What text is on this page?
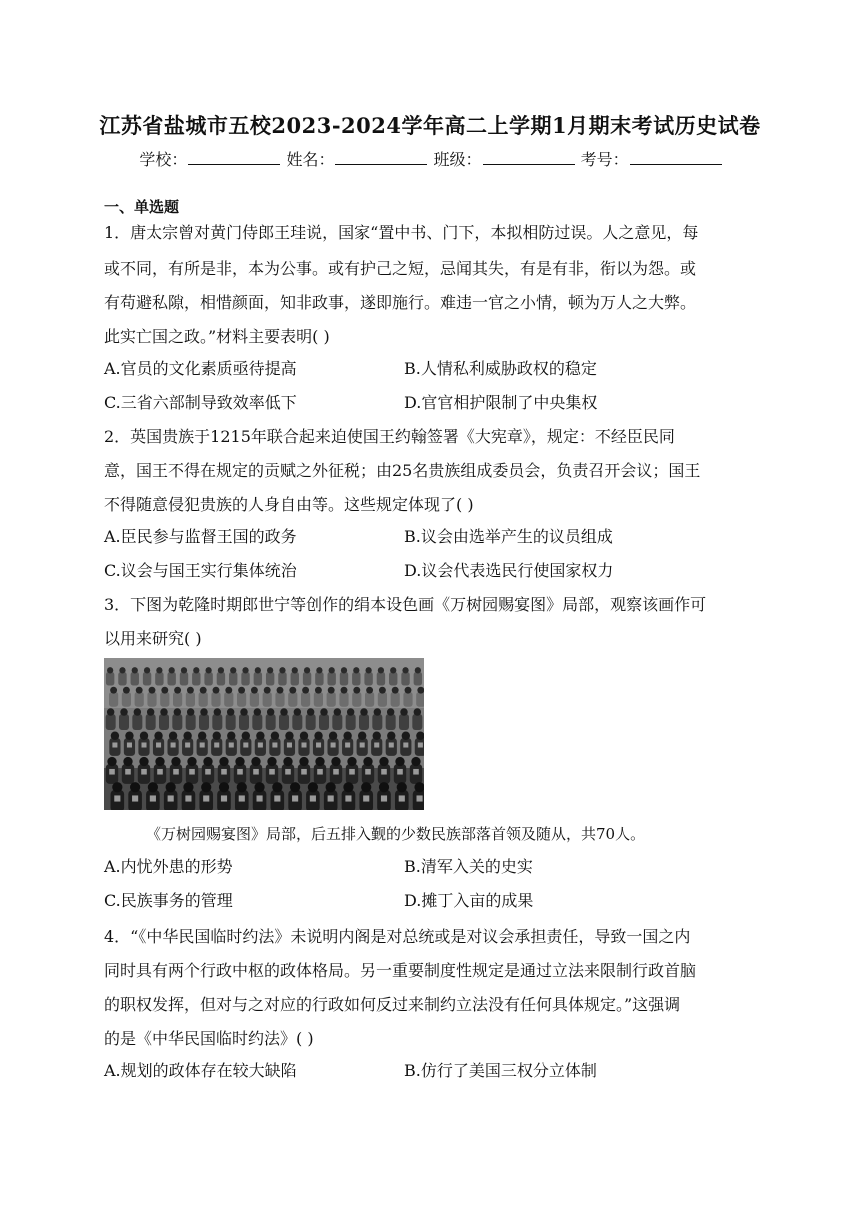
江苏省盐城市五校2023-2024学年高二上学期1月期末考试历史试卷
学校：	姓名：	班级：	考号：
一、单选题
1．唐太宗曾对黄门侍郎王珪说，国家“置中书、门下，本拟相防过误。人之意见，每
或不同，有所是非，本为公事。或有护己之短，忌闻其失，有是有非，衔以为怨。或
有苟避私隙，相惜颜面，知非政事，遂即施行。难违一官之小情，顿为万人之大弊。
此实亡国之政。”材料主要表明( )
A.官员的文化素质亟待提高	B.人情私利威胁政权的稳定
C.三省六部制导致效率低下	D.官官相护限制了中央集权
2．英国贵族于1215年联合起来迫使国王约翰签署《大宪章》，规定：不经臣民同
意，国王不得在规定的贡赋之外征税；由25名贵族组成委员会，负责召开会议；国王
不得随意侵犯贵族的人身自由等。这些规定体现了( )
A.臣民参与监督王国的政务	B.议会由选举产生的议员组成
C.议会与国王实行集体统治	D.议会代表选民行使国家权力
3．下图为乾隆时期郎世宁等创作的绢本设色画《万树园赐宴图》局部，观察该画作可
以用来研究( )
《万树园赐宴图》局部，后五排入觐的少数民族部落首领及随从，共70人。
A.内忧外患的形势	B.清军入关的史实
C.民族事务的管理	D.摊丁入亩的成果
4．“《中华民国临时约法》未说明内阁是对总统或是对议会承担责任，导致一国之内
同时具有两个行政中枢的政体格局。另一重要制度性规定是通过立法来限制行政首脑
的职权发挥，但对与之对应的行政如何反过来制约立法没有任何具体规定。”这强调
的是《中华民国临时约法》( )
A.规划的政体存在较大缺陷	B.仿行了美国三权分立体制
